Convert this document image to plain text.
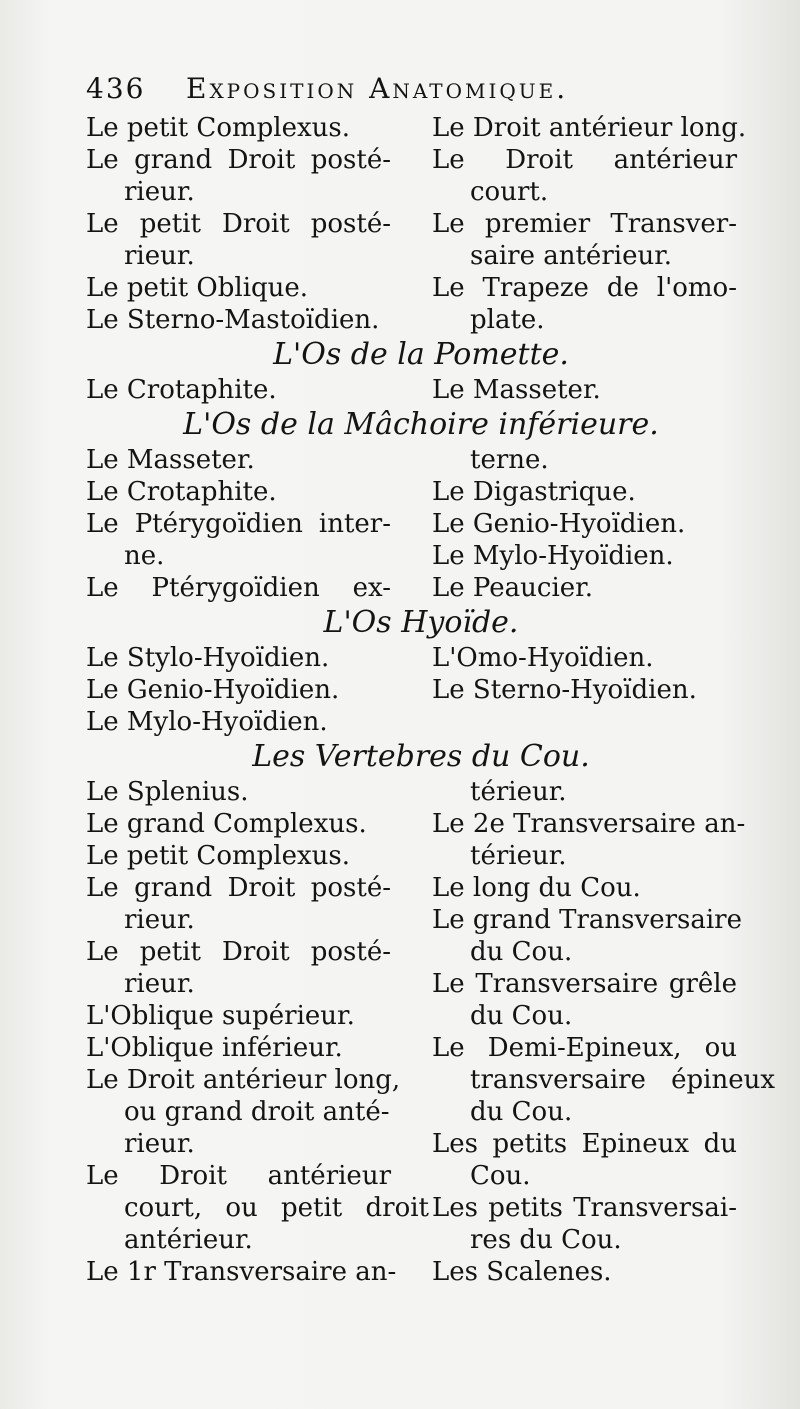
436 Exposition Anatomique.
Le petit Complexus.	Le Droit antérieur long.
Le grand Droit posté- Le Droit antérieur
rieur.	court.
Le petit Droit posté- Le premier Transver-
rieur.	saire antérieur.
Le petit Oblique.	Le Trapeze de l'omo-
Le Sterno-Mastoïdien.	plate.
L'Os de la Pomette.
Le Crotaphite.	Le Masseter.
L'Os de la Mâchoire inférieure.
Le Masseter.	terne.
Le Crotaphite.	Le Digastrique.
Le Ptérygoïdien inter- Le Genio-Hyoïdien.
ne.	Le Mylo-Hyoïdien.
Le Ptérygoïdien ex- Le Peaucier.
L'Os Hyoïde.
Le Stylo-Hyoïdien.	L'Omo-Hyoïdien.
Le Genio-Hyoïdien.	Le Sterno-Hyoïdien.
Le Mylo-Hyoïdien.
Les Vertebres du Cou.
Le Splenius.	térieur.
Le grand Complexus.	Le 2e Transversaire an-
Le petit Complexus.	térieur.
Le grand Droit posté- Le long du Cou.
rieur.	Le grand Transversaire
Le petit Droit posté-	du Cou.
rieur.	Le Transversaire grêle
L'Oblique supérieur.	du Cou.
L'Oblique inférieur.	Le Demi-Epineux, ou
Le Droit antérieur long,	transversaire épineux
ou grand droit anté-	du Cou.
rieur.	Les petits Epineux du
Le Droit antérieur	Cou.
court, ou petit droit Les petits Transversai-
antérieur.	res du Cou.
Le 1r Transversaire an- Les Scalenes.
